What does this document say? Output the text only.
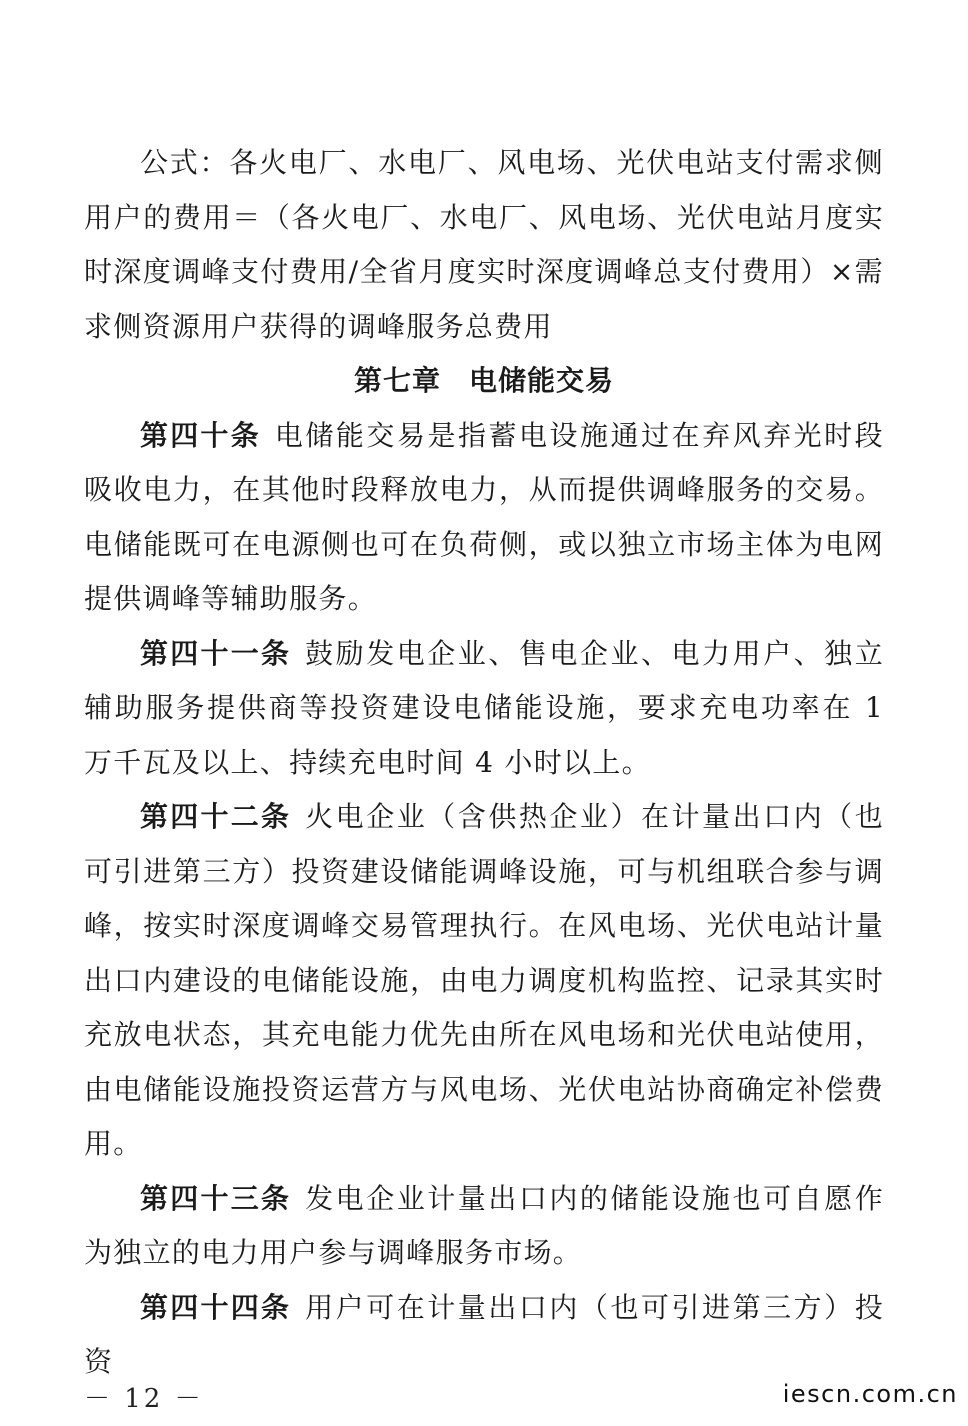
公式：各火电厂、水电厂、风电场、光伏电站支付需求侧用户的费用＝（各火电厂、水电厂、风电场、光伏电站月度实时深度调峰支付费用/全省月度实时深度调峰总支付费用）×需求侧资源用户获得的调峰服务总费用

第七章 电储能交易

第四十条 电储能交易是指蓄电设施通过在弃风弃光时段吸收电力，在其他时段释放电力，从而提供调峰服务的交易。电储能既可在电源侧也可在负荷侧，或以独立市场主体为电网提供调峰等辅助服务。

第四十一条 鼓励发电企业、售电企业、电力用户、独立辅助服务提供商等投资建设电储能设施，要求充电功率在 1 万千瓦及以上、持续充电时间 4 小时以上。

第四十二条 火电企业（含供热企业）在计量出口内（也可引进第三方）投资建设储能调峰设施，可与机组联合参与调峰，按实时深度调峰交易管理执行。在风电场、光伏电站计量出口内建设的电储能设施，由电力调度机构监控、记录其实时充放电状态，其充电能力优先由所在风电场和光伏电站使用，由电储能设施投资运营方与风电场、光伏电站协商确定补偿费用。

第四十三条 发电企业计量出口内的储能设施也可自愿作为独立的电力用户参与调峰服务市场。

第四十四条 用户可在计量出口内（也可引进第三方）投资

－ 12 －	iescn.com.cn
